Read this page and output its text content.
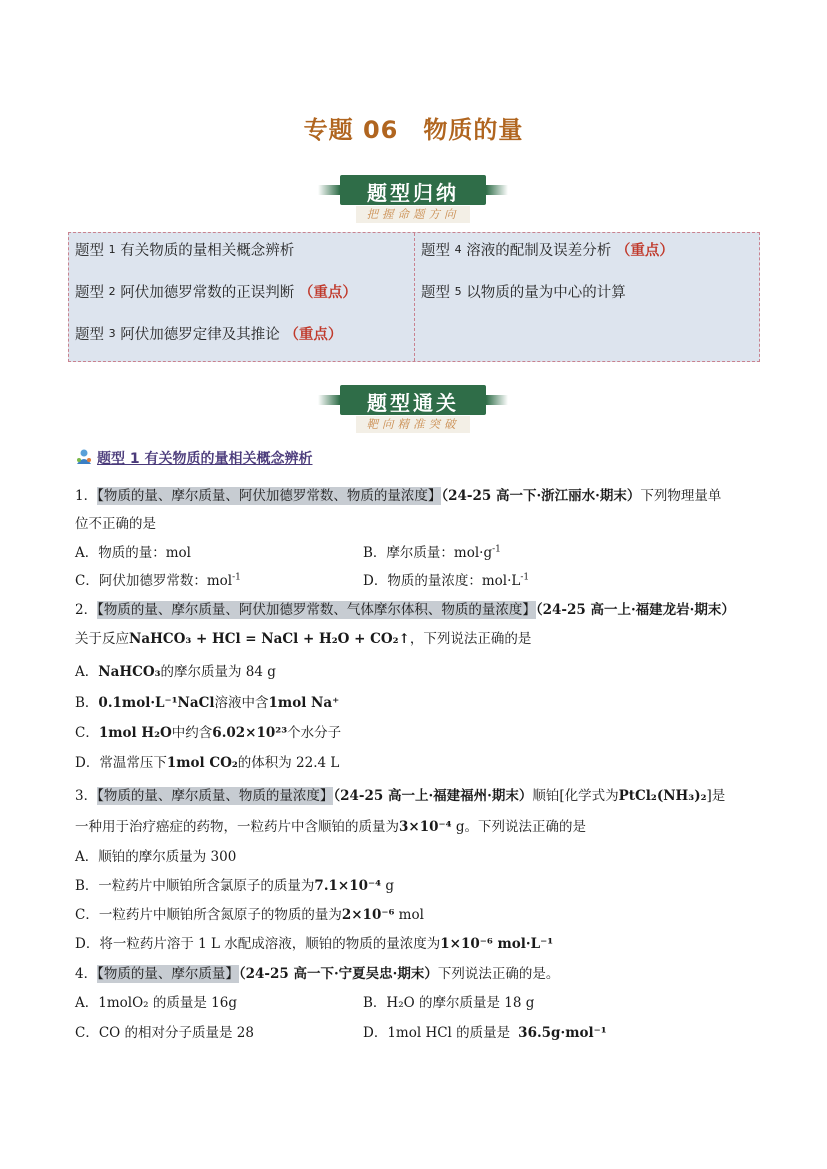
专题 06　物质的量
题型归纳
把握命题方向
题型 1 有关物质的量相关概念辨析
题型 2 阿伏加德罗常数的正误判断 （重点）
题型 3 阿伏加德罗定律及其推论 （重点）
题型 4 溶液的配制及误差分析 （重点）
题型 5 以物质的量为中心的计算
题型通关
靶向精准突破
题型 1 有关物质的量相关概念辨析
1．【物质的量、摩尔质量、阿伏加德罗常数、物质的量浓度】（24-25 高一下·浙江丽水·期末）下列物理量单
位不正确的是
A．物质的量：mol	B．摩尔质量：$mol\cdot g^{-1}$
C．阿伏加德罗常数：mol$^{-1}$	D．物质的量浓度：$mol\cdot L^{-1}$
2．【物质的量、摩尔质量、阿伏加德罗常数、气体摩尔体积、物质的量浓度】（24-25 高一上·福建龙岩·期末）
关于反应NaHCO₃ + HCl = NaCl + H₂O + CO₂↑，下列说法正确的是
A．NaHCO₃的摩尔质量为 84 g
B．0.1mol·L⁻¹NaCl溶液中含1mol Na⁺
C．1mol H₂O中约含6.02×10²³个水分子
D．常温常压下1mol CO₂的体积为 22.4 L
3．【物质的量、摩尔质量、物质的量浓度】（24-25 高一上·福建福州·期末）顺铂[化学式为PtCl₂(NH₃)₂]是
一种用于治疗癌症的药物，一粒药片中含顺铂的质量为3×10⁻⁴ g。下列说法正确的是
A．顺铂的摩尔质量为 300
B．一粒药片中顺铂所含氯原子的质量为7.1×10⁻⁴ g
C．一粒药片中顺铂所含氮原子的物质的量为2×10⁻⁶ mol
D．将一粒药片溶于 1 L 水配成溶液，顺铂的物质的量浓度为1×10⁻⁶ mol·L⁻¹
4．【物质的量、摩尔质量】（24-25 高一下·宁夏吴忠·期末）下列说法正确的是。
A．1molO₂ 的质量是 16g	B．H₂O 的摩尔质量是 18 g
C．CO 的相对分子质量是 28	D．1mol HCl 的质量是 36.5g·mol⁻¹
